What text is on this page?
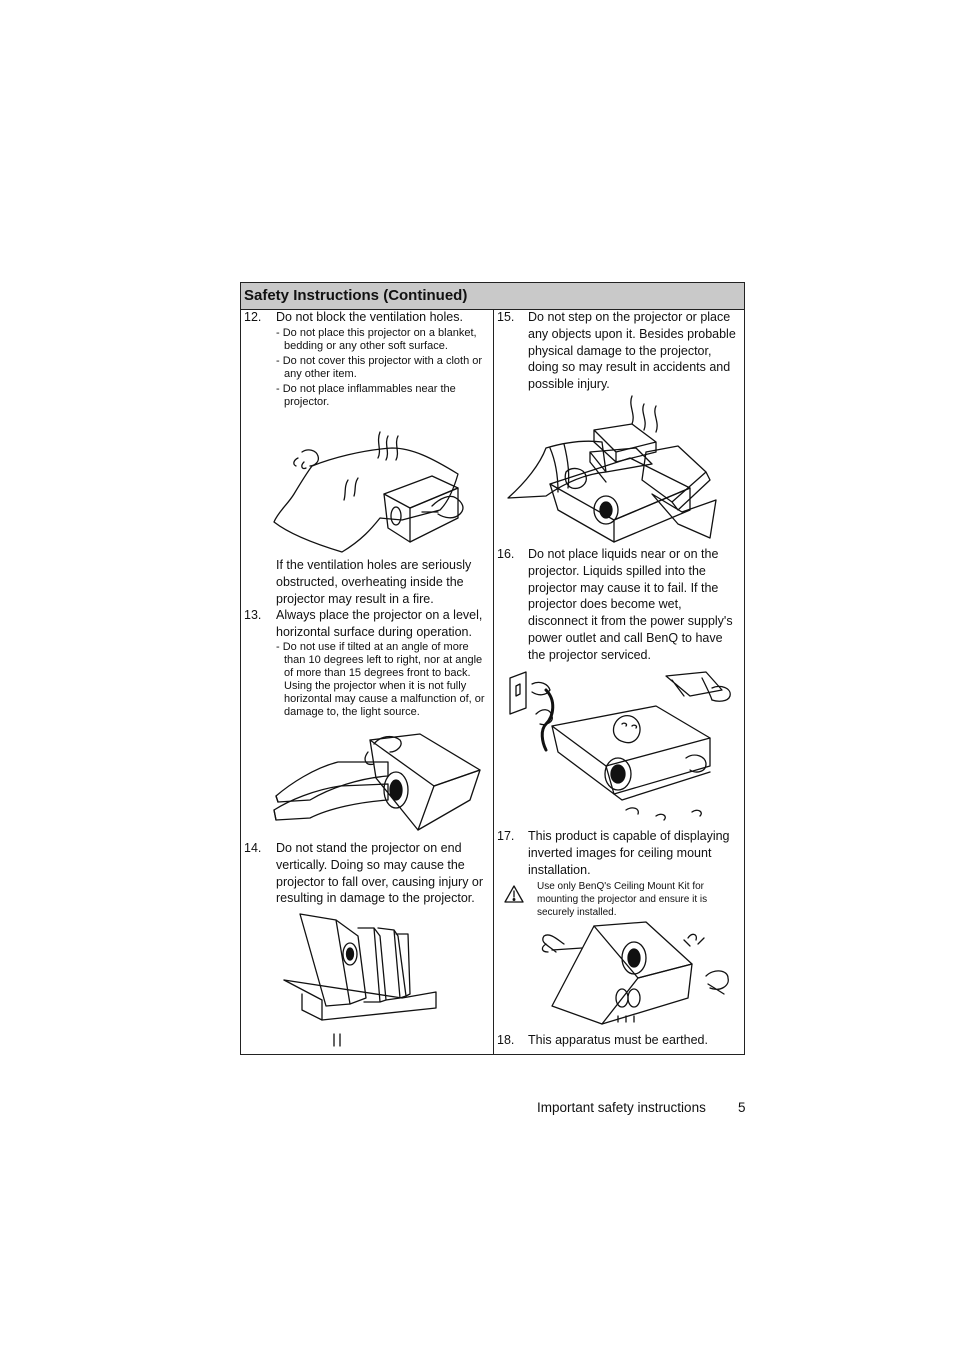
Safety Instructions (Continued)
12. Do not block the ventilation holes.
- Do not place this projector on a blanket, bedding or any other soft surface.
- Do not cover this projector with a cloth or any other item.
- Do not place inflammables near the projector.
If the ventilation holes are seriously obstructed, overheating inside the projector may result in a fire.
13. Always place the projector on a level, horizontal surface during operation.
- Do not use if tilted at an angle of more than 10 degrees left to right, nor at angle of more than 15 degrees front to back. Using the projector when it is not fully horizontal may cause a malfunction of, or damage to, the light source.
14. Do not stand the projector on end vertically. Doing so may cause the projector to fall over, causing injury or resulting in damage to the projector.
15. Do not step on the projector or place any objects upon it. Besides probable physical damage to the projector, doing so may result in accidents and possible injury.
16. Do not place liquids near or on the projector. Liquids spilled into the projector may cause it to fail. If the projector does become wet, disconnect it from the power supply's power outlet and call BenQ to have the projector serviced.
17. This product is capable of displaying inverted images for ceiling mount installation.
Use only BenQ's Ceiling Mount Kit for mounting the projector and ensure it is securely installed.
18. This apparatus must be earthed.
Important safety instructions 5
